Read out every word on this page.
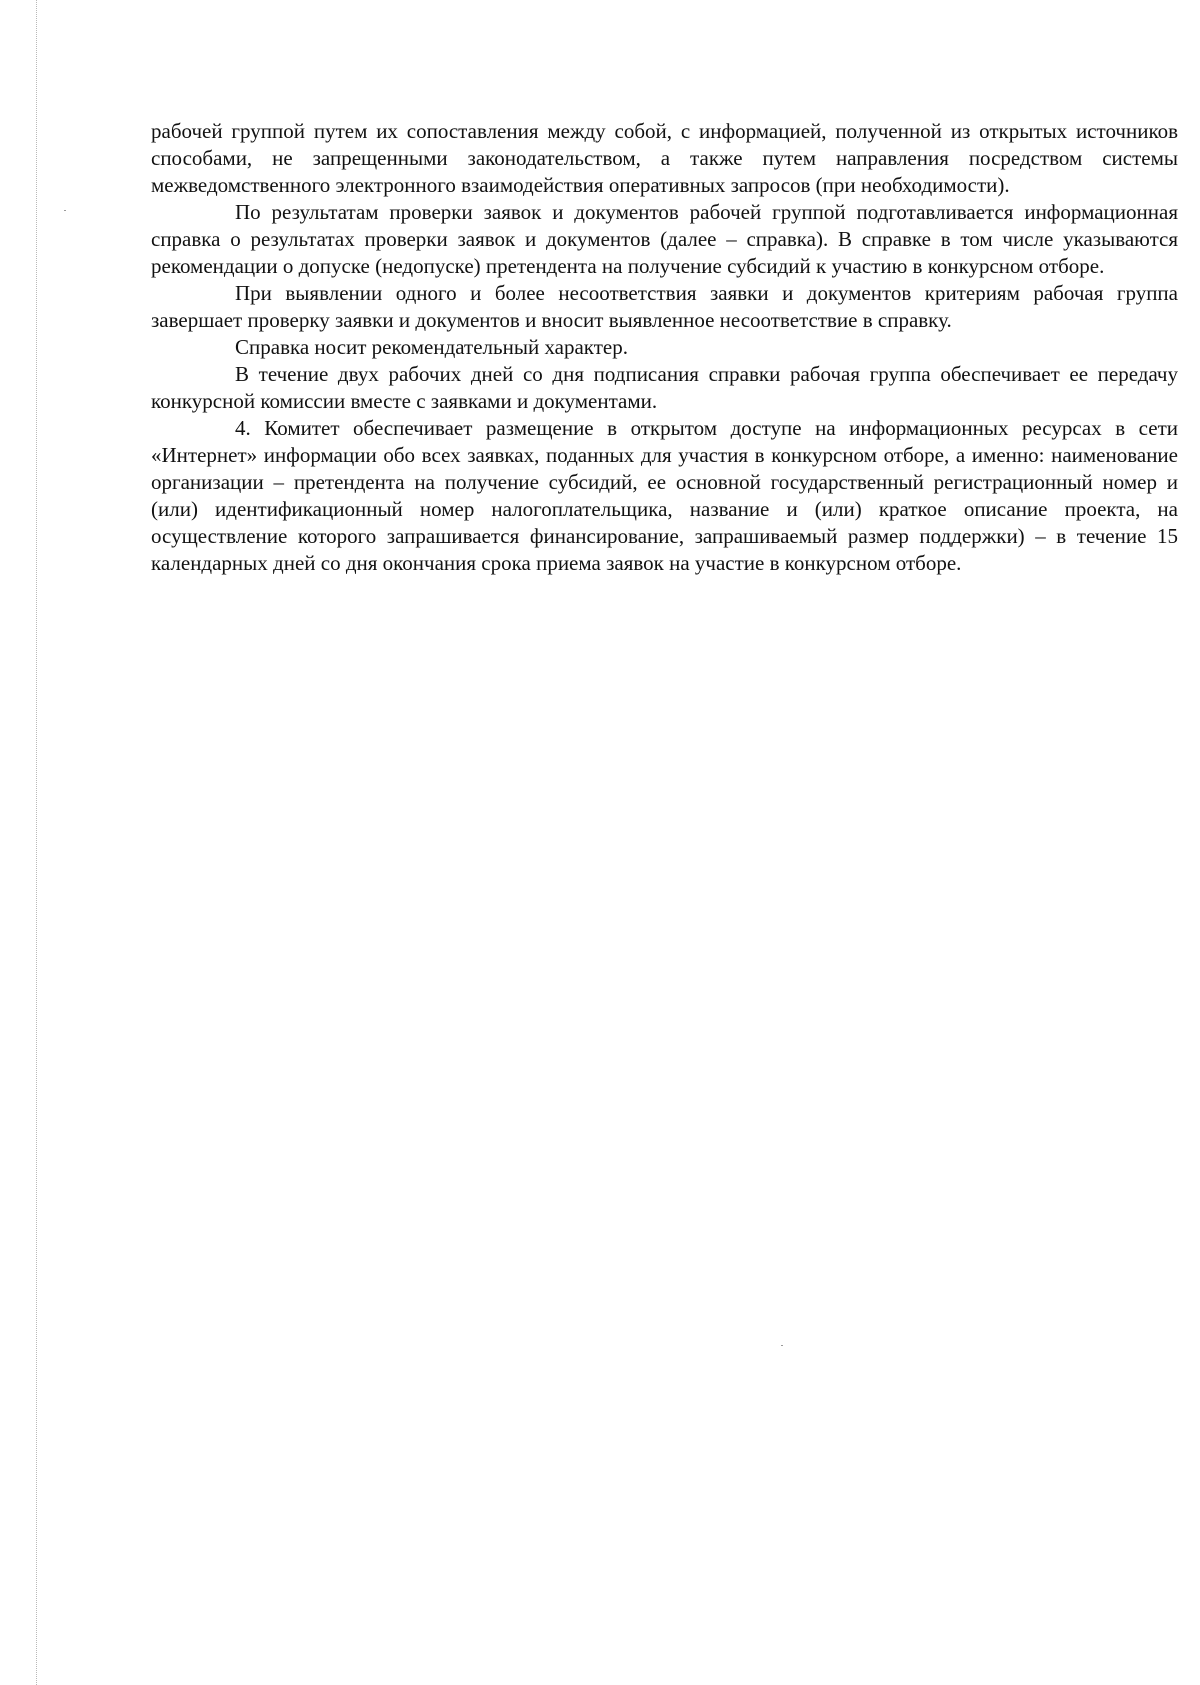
рабочей группой путем их сопоставления между собой, с информацией, полученной из открытых источников способами, не запрещенными законодательством, а также путем направления посредством системы межведомственного электронного взаимодействия оперативных запросов (при необходимости).

По результатам проверки заявок и документов рабочей группой подготавливается информационная справка о результатах проверки заявок и документов (далее – справка). В справке в том числе указываются рекомендации о допуске (недопуске) претендента на получение субсидий к участию в конкурсном отборе.

При выявлении одного и более несоответствия заявки и документов критериям рабочая группа завершает проверку заявки и документов и вносит выявленное несоответствие в справку.

Справка носит рекомендательный характер.

В течение двух рабочих дней со дня подписания справки рабочая группа обеспечивает ее передачу конкурсной комиссии вместе с заявками и документами.

4. Комитет обеспечивает размещение в открытом доступе на информационных ресурсах в сети «Интернет» информации обо всех заявках, поданных для участия в конкурсном отборе, а именно: наименование организации – претендента на получение субсидий, ее основной государственный регистрационный номер и (или) идентификационный номер налогоплательщика, название и (или) краткое описание проекта, на осуществление которого запрашивается финансирование, запрашиваемый размер поддержки) – в течение 15 календарных дней со дня окончания срока приема заявок на участие в конкурсном отборе.
